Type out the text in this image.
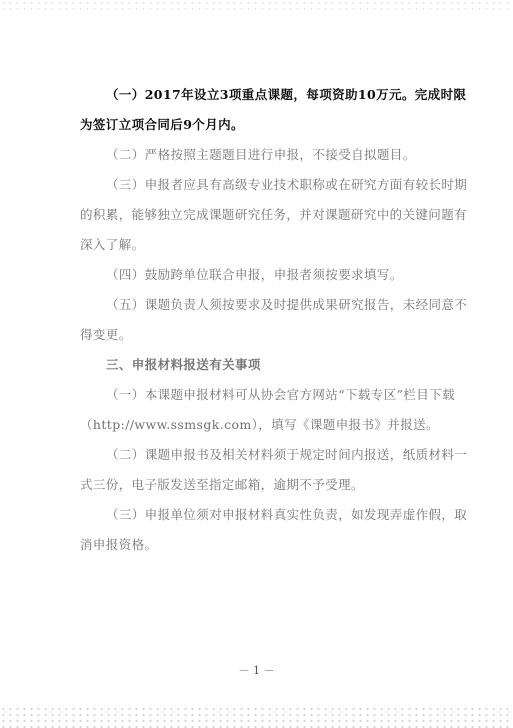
（一）2017年设立3项重点课题，每项资助10万元。完成时限为签订立项合同后9个月内。

（二）严格按照主题题目进行申报，不接受自拟题目。

（三）申报者应具有高级专业技术职称或在研究方面有较长时期的积累，能够独立完成课题研究任务，并对课题研究中的关键问题有深入了解。

（四）鼓励跨单位联合申报，申报者须按要求填写。

（五）课题负责人须按要求及时提供成果研究报告，未经同意不得变更。

三、申报材料报送有关事项

（一）本课题申报材料可从协会官方网站“下载专区”栏目下载（http://www.ssmsgk.com），填写《课题申报书》并报送。

（二）课题申报书及相关材料须于规定时间内报送，纸质材料一式三份，电子版发送至指定邮箱，逾期不予受理。

（三）申报单位须对申报材料真实性负责，如发现弄虚作假，取消申报资格。

－ 1 －
